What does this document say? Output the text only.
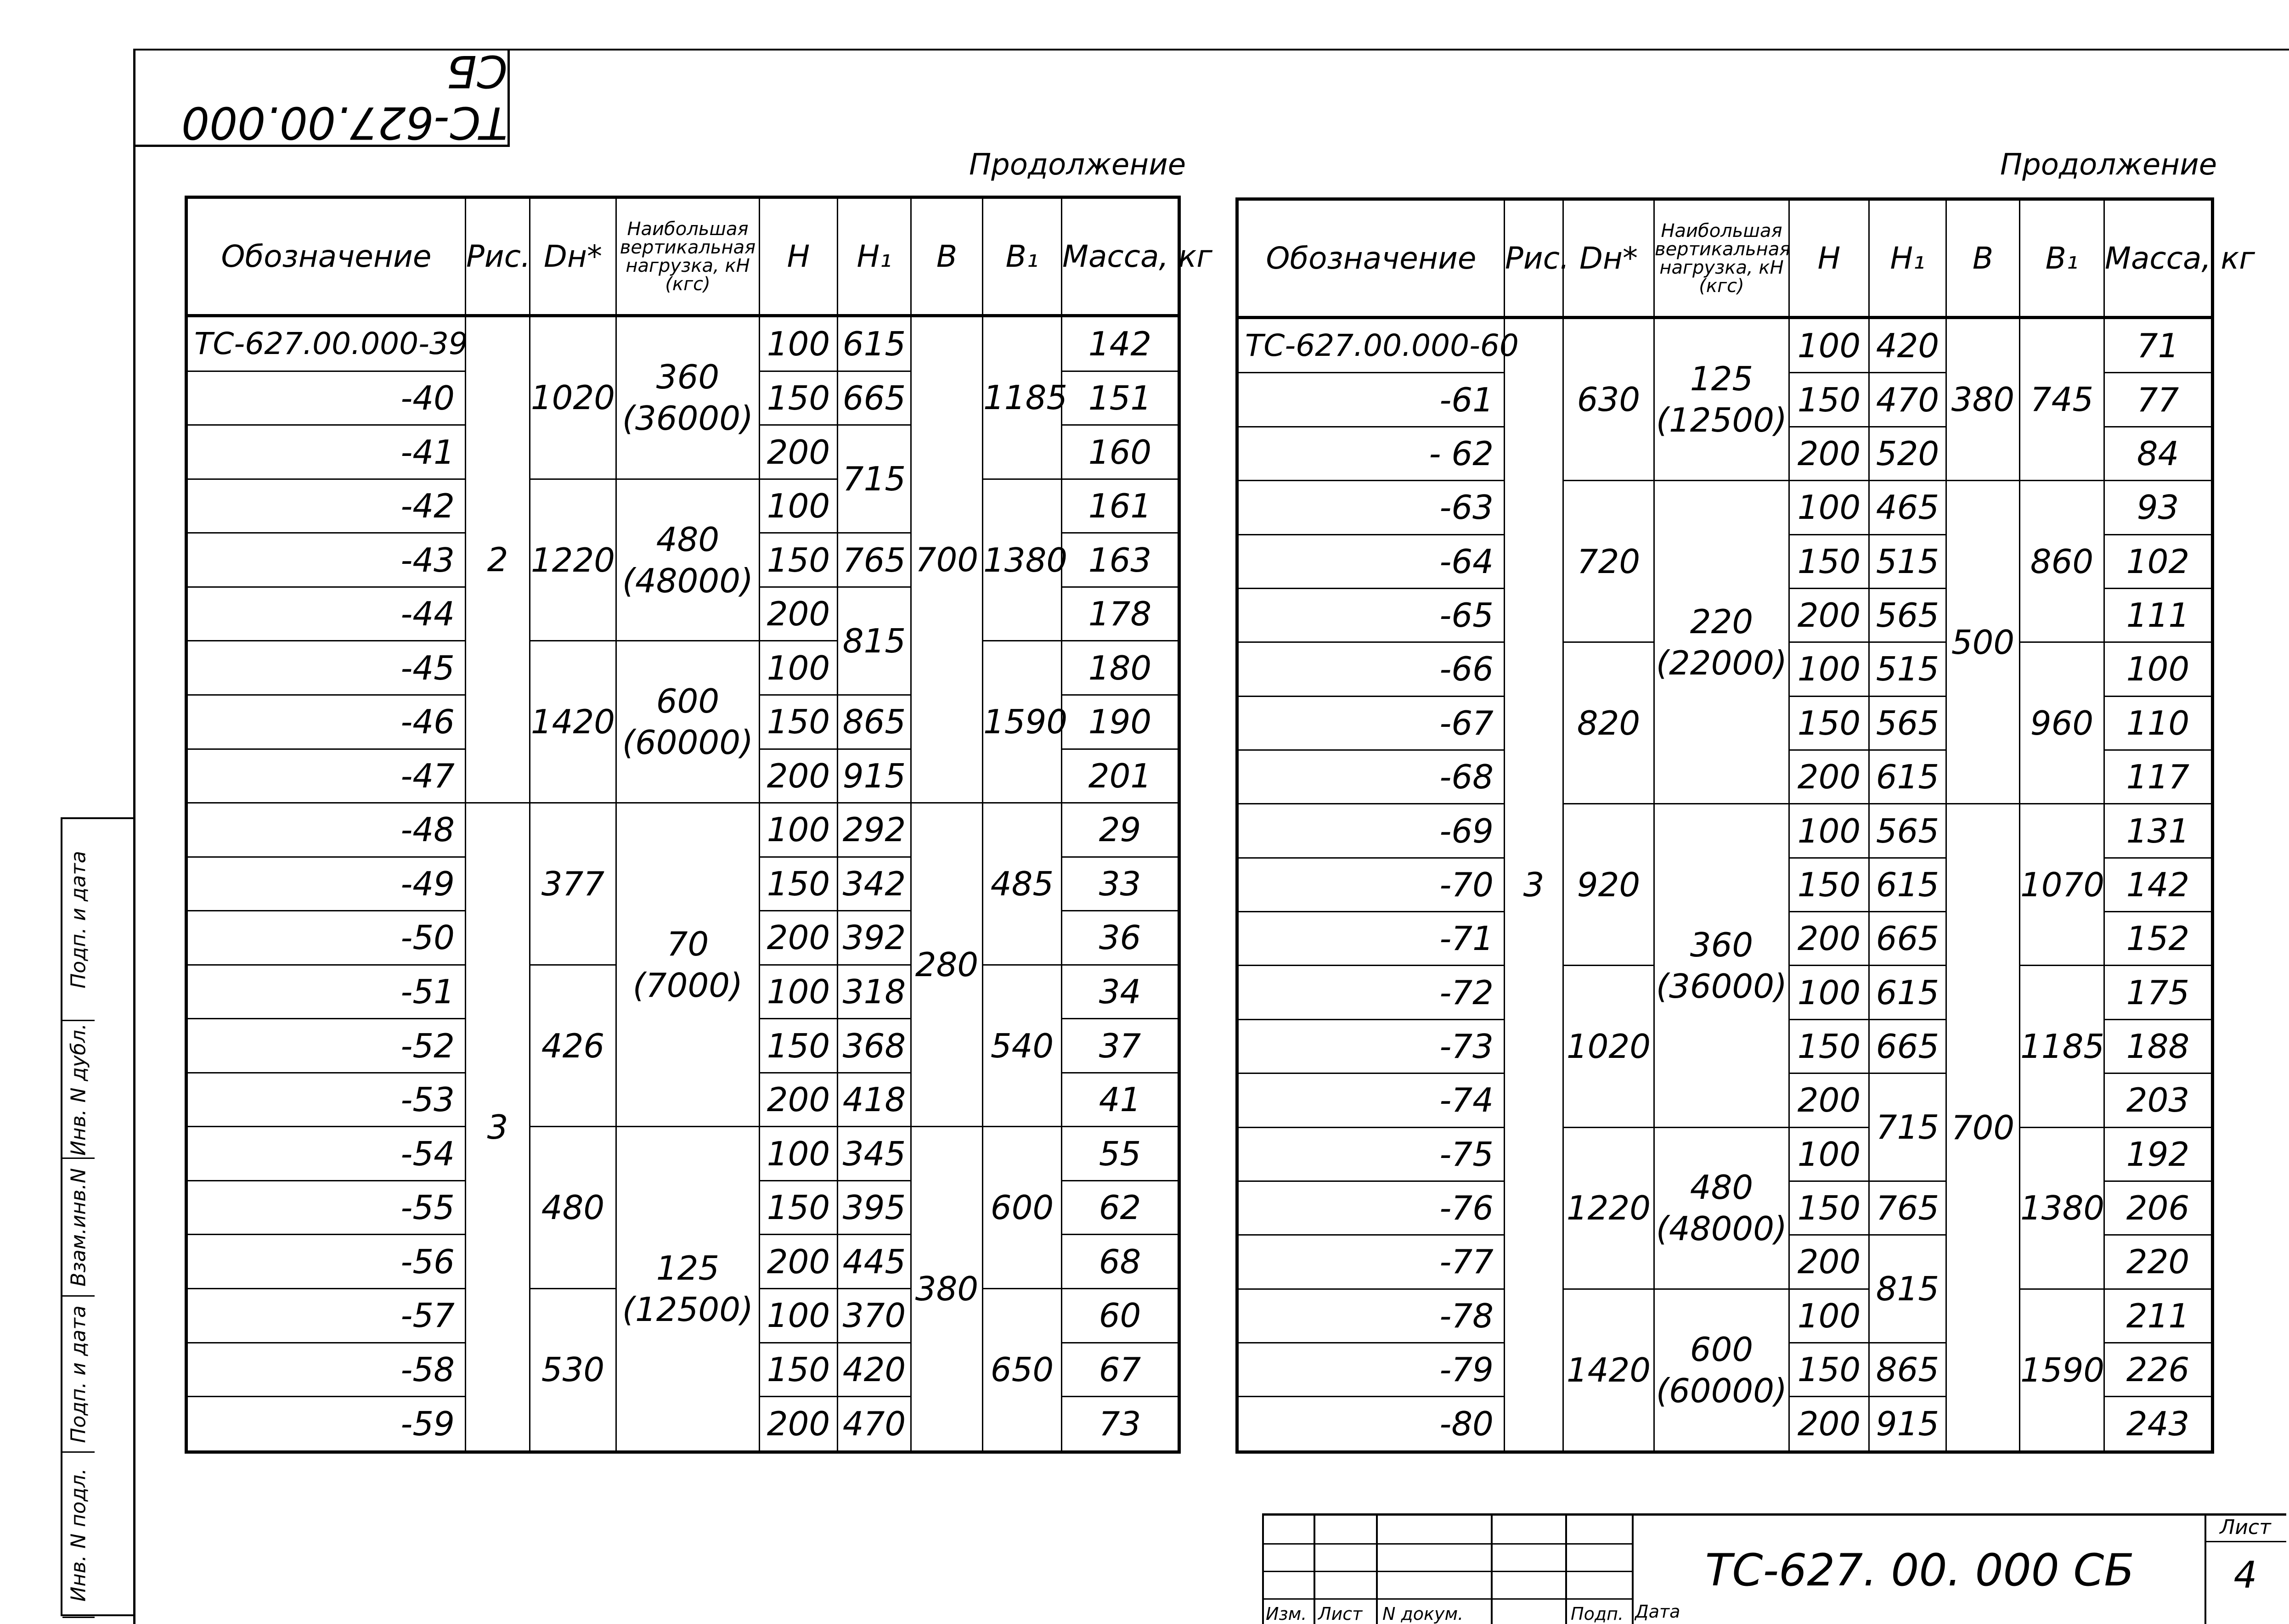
ТС-627.00.000 СБ
Продолжение	Продолжение
Обозначение	Рис.	Dн*	Наибольшая вертикальная нагрузка, кН (кгс)	Н	Н₁	В	В₁	Масса, кг
ТС-627.00.000-39	2	1020	360 (36000)	100	615	700	1185	142
-40				150	665			151
-41				200	715			160
-42		1220	480 (48000)	100			1380	161
-43				150	765			163
-44				200	815			178
-45		1420	600 (60000)	100			1590	180
-46				150	865			190
-47				200	915			201
-48	3	377	70 (7000)	100	292	280	485	29
-49				150	342			33
-50				200	392			36
-51		426		100	318		540	34
-52				150	368			37
-53				200	418			41
-54		480	125 (12500)	100	345	380	600	55
-55				150	395			62
-56				200	445			68
-57		530		100	370		650	60
-58				150	420			67
-59				200	470			73
Обозначение	Рис.	Dн*	Наибольшая вертикальная нагрузка, кН (кгс)	Н	Н₁	В	В₁	Масса, кг
ТС-627.00.000-60	3	630	125 (12500)	100	420	380	745	71
-61				150	470			77
- 62				200	520			84
-63		720	220 (22000)	100	465	500	860	93
-64				150	515			102
-65				200	565			111
-66		820		100	515		960	100
-67				150	565			110
-68				200	615			117
-69		920	360 (36000)	100	565	700	1070	131
-70				150	615			142
-71				200	665			152
-72		1020		100	615		1185	175
-73				150	665			188
-74				200	715			203
-75		1220	480 (48000)	100			1380	192
-76				150	765			206
-77				200	815			220
-78		1420	600 (60000)	100			1590	211
-79				150	865			226
-80				200	915			243
Подп. и дата
Инв. N дубл.
Взам.инв.N
Подп. и дата
Инв. N подл.
Изм. Лист N докум.	Подп. Дата
ТС-627. 00. 000 СБ
Лист
4
